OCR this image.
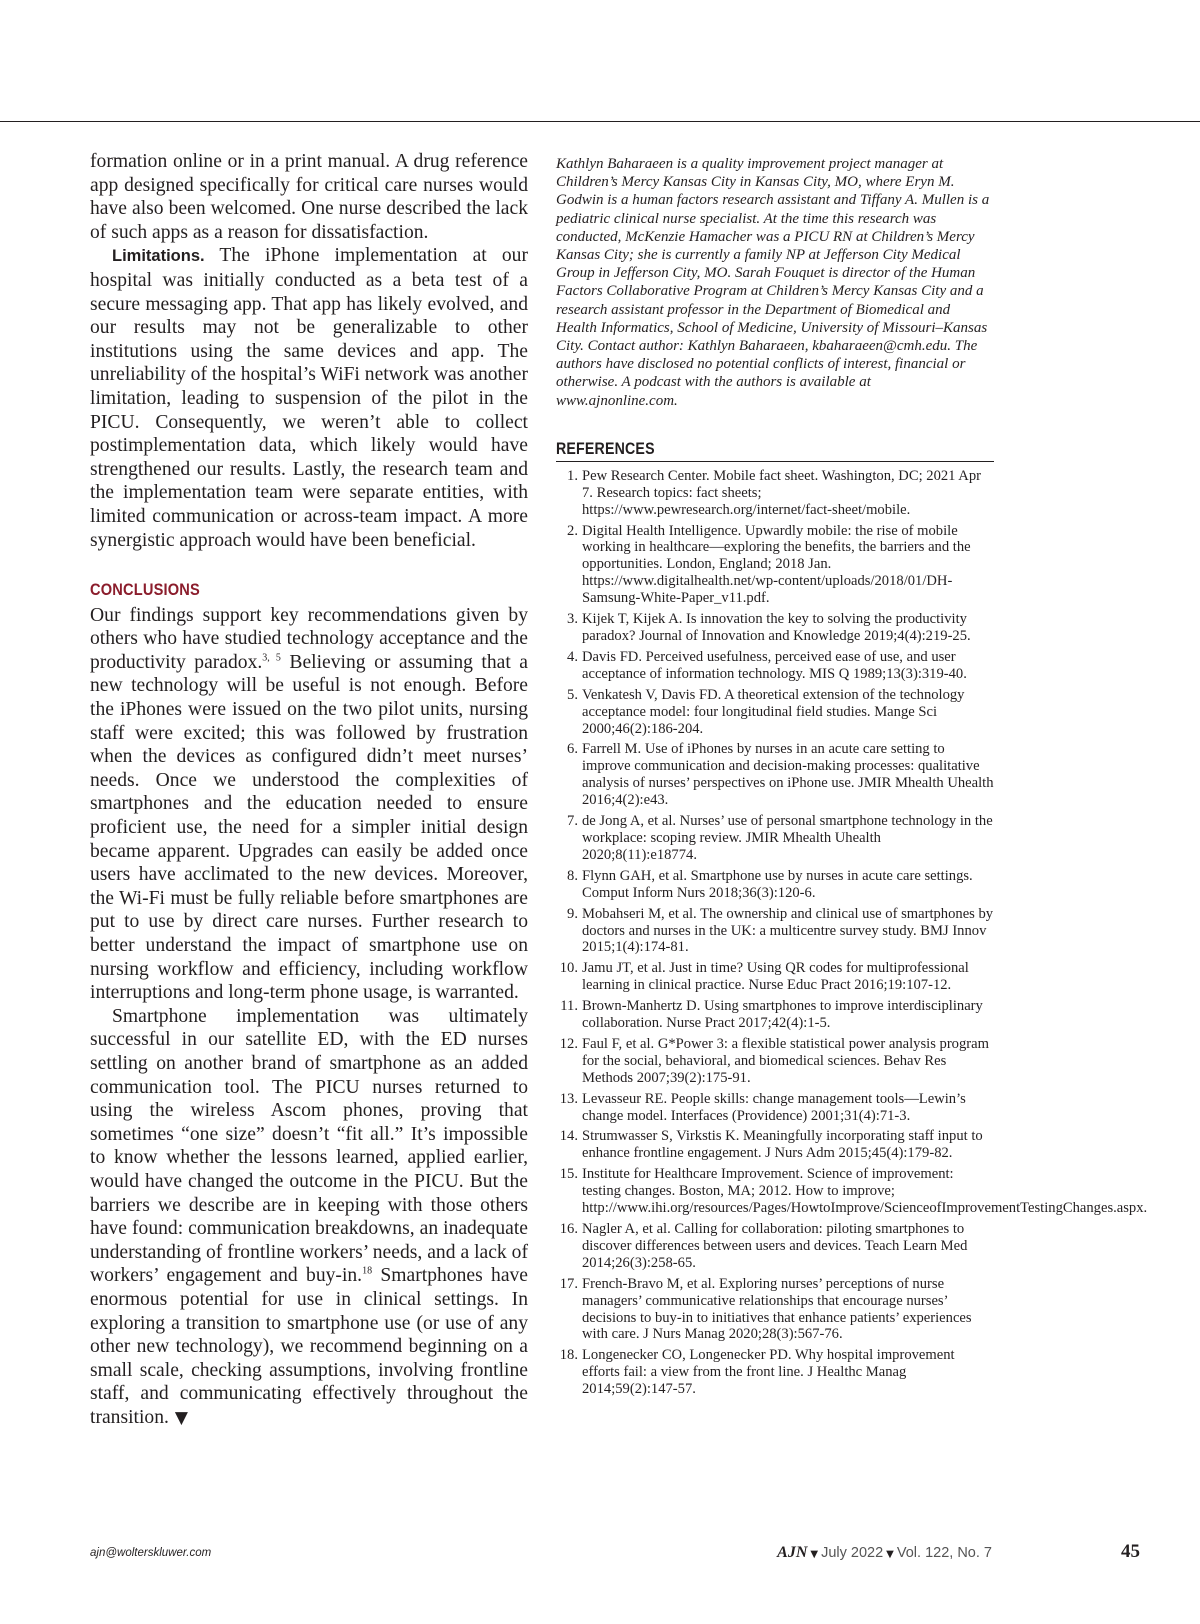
formation online or in a print manual. A drug reference app designed specifically for critical care nurses would have also been welcomed. One nurse described the lack of such apps as a reason for dissatisfaction.

Limitations. The iPhone implementation at our hospital was initially conducted as a beta test of a secure messaging app. That app has likely evolved, and our results may not be generalizable to other institutions using the same devices and app. The unreliability of the hospital’s WiFi network was another limitation, leading to suspension of the pilot in the PICU. Consequently, we weren’t able to collect postimplementation data, which likely would have strengthened our results. Lastly, the research team and the implementation team were separate entities, with limited communication or across-team impact. A more synergistic approach would have been beneficial.

CONCLUSIONS

Our findings support key recommendations given by others who have studied technology acceptance and the productivity paradox.$^{3, 5}$ Believing or assuming that a new technology will be useful is not enough. Before the iPhones were issued on the two pilot units, nursing staff were excited; this was followed by frustration when the devices as configured didn’t meet nurses’ needs. Once we understood the complexities of smartphones and the education needed to ensure proficient use, the need for a simpler initial design became apparent. Upgrades can easily be added once users have acclimated to the new devices. Moreover, the Wi-Fi must be fully reliable before smartphones are put to use by direct care nurses. Further research to better understand the impact of smartphone use on nursing workflow and efficiency, including workflow interruptions and long-term phone usage, is warranted.

Smartphone implementation was ultimately successful in our satellite ED, with the ED nurses settling on another brand of smartphone as an added communication tool. The PICU nurses returned to using the wireless Ascom phones, proving that sometimes “one size” doesn’t “fit all.” It’s impossible to know whether the lessons learned, applied earlier, would have changed the outcome in the PICU. But the barriers we describe are in keeping with those others have found: communication breakdowns, an inadequate understanding of frontline workers’ needs, and a lack of workers’ engagement and buy-in.$^{18}$ Smartphones have enormous potential for use in clinical settings. In exploring a transition to smartphone use (or use of any other new technology), we recommend beginning on a small scale, checking assumptions, involving frontline staff, and communicating effectively throughout the transition. ▼

Kathlyn Baharaeen is a quality improvement project manager at Children’s Mercy Kansas City in Kansas City, MO, where Eryn M. Godwin is a human factors research assistant and Tiffany A. Mullen is a pediatric clinical nurse specialist. At the time this research was conducted, McKenzie Hamacher was a PICU RN at Children’s Mercy Kansas City; she is currently a family NP at Jefferson City Medical Group in Jefferson City, MO. Sarah Fouquet is director of the Human Factors Collaborative Program at Children’s Mercy Kansas City and a research assistant professor in the Department of Biomedical and Health Informatics, School of Medicine, University of Missouri–Kansas City. Contact author: Kathlyn Baharaeen, kbaharaeen@cmh.edu. The authors have disclosed no potential conflicts of interest, financial or otherwise. A podcast with the authors is available at www.ajnonline.com.

REFERENCES
1. Pew Research Center. Mobile fact sheet. Washington, DC; 2021 Apr 7. Research topics: fact sheets; https://www.pewresearch.org/internet/fact-sheet/mobile.
2. Digital Health Intelligence. Upwardly mobile: the rise of mobile working in healthcare—exploring the benefits, the barriers and the opportunities. London, England; 2018 Jan. https://www.digitalhealth.net/wp-content/uploads/2018/01/DH-Samsung-White-Paper_v11.pdf.
3. Kijek T, Kijek A. Is innovation the key to solving the productivity paradox? Journal of Innovation and Knowledge 2019;4(4):219-25.
4. Davis FD. Perceived usefulness, perceived ease of use, and user acceptance of information technology. MIS Q 1989;13(3):319-40.
5. Venkatesh V, Davis FD. A theoretical extension of the technology acceptance model: four longitudinal field studies. Mange Sci 2000;46(2):186-204.
6. Farrell M. Use of iPhones by nurses in an acute care setting to improve communication and decision-making processes: qualitative analysis of nurses’ perspectives on iPhone use. JMIR Mhealth Uhealth 2016;4(2):e43.
7. de Jong A, et al. Nurses’ use of personal smartphone technology in the workplace: scoping review. JMIR Mhealth Uhealth 2020;8(11):e18774.
8. Flynn GAH, et al. Smartphone use by nurses in acute care settings. Comput Inform Nurs 2018;36(3):120-6.
9. Mobahseri M, et al. The ownership and clinical use of smartphones by doctors and nurses in the UK: a multicentre survey study. BMJ Innov 2015;1(4):174-81.
10. Jamu JT, et al. Just in time? Using QR codes for multiprofessional learning in clinical practice. Nurse Educ Pract 2016;19:107-12.
11. Brown-Manhertz D. Using smartphones to improve interdisciplinary collaboration. Nurse Pract 2017;42(4):1-5.
12. Faul F, et al. G*Power 3: a flexible statistical power analysis program for the social, behavioral, and biomedical sciences. Behav Res Methods 2007;39(2):175-91.
13. Levasseur RE. People skills: change management tools—Lewin’s change model. Interfaces (Providence) 2001;31(4):71-3.
14. Strumwasser S, Virkstis K. Meaningfully incorporating staff input to enhance frontline engagement. J Nurs Adm 2015;45(4):179-82.
15. Institute for Healthcare Improvement. Science of improvement: testing changes. Boston, MA; 2012. How to improve; http://www.ihi.org/resources/Pages/HowtoImprove/ScienceofImprovementTestingChanges.aspx.
16. Nagler A, et al. Calling for collaboration: piloting smartphones to discover differences between users and devices. Teach Learn Med 2014;26(3):258-65.
17. French-Bravo M, et al. Exploring nurses’ perceptions of nurse managers’ communicative relationships that encourage nurses’ decisions to buy-in to initiatives that enhance patients’ experiences with care. J Nurs Manag 2020;28(3):567-76.
18. Longenecker CO, Longenecker PD. Why hospital improvement efforts fail: a view from the front line. J Healthc Manag 2014;59(2):147-57.
ajn@wolterskluwer.com	AJN ▼ July 2022 ▼ Vol. 122, No. 7	45
